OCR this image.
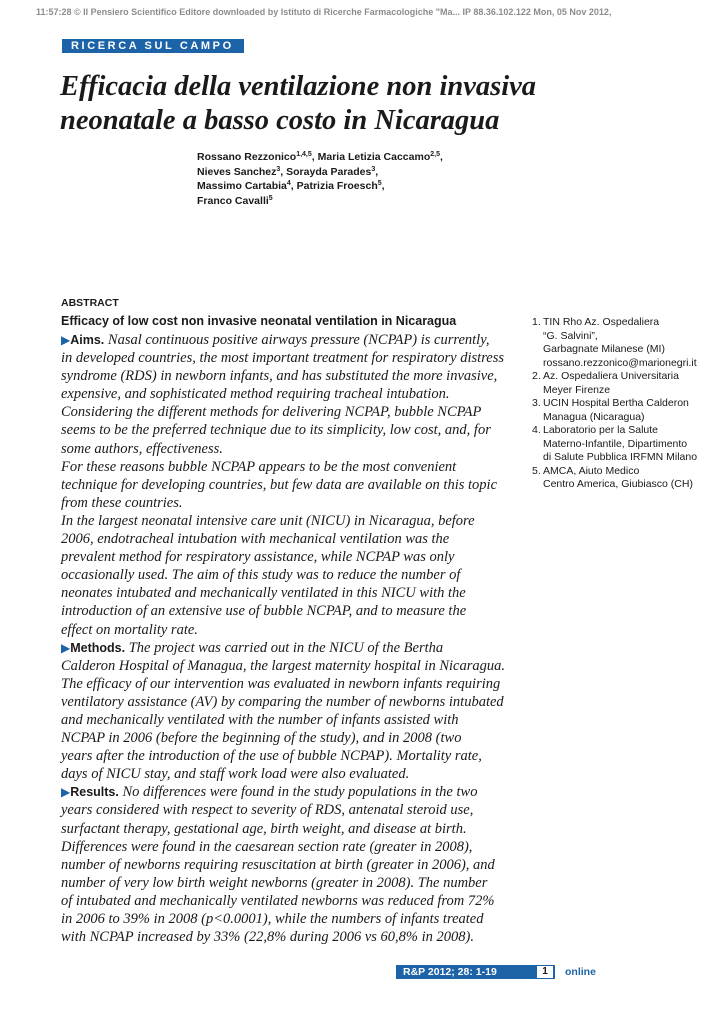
11:57:28 © Il Pensiero Scientifico Editore downloaded by Istituto di Ricerche Farmacologiche "Ma... IP 88.36.102.122 Mon, 05 Nov 2012,
RICERCA SUL CAMPO
Efficacia della ventilazione non invasiva
neonatale a basso costo in Nicaragua
Rossano Rezzonico$^{1,4,5}$, Maria Letizia Caccamo$^{2,5}$,
Nieves Sanchez$^3$, Sorayda Parades$^3$,
Massimo Cartabia$^4$, Patrizia Froesch$^5$,
Franco Cavalli$^5$
ABSTRACT
Efficacy of low cost non invasive neonatal ventilation in Nicaragua
▶Aims. Nasal continuous positive airways pressure (NCPAP) is currently,
in developed countries, the most important treatment for respiratory distress
syndrome (RDS) in newborn infants, and has substituted the more invasive,
expensive, and sophisticated method requiring tracheal intubation.
Considering the different methods for delivering NCPAP, bubble NCPAP
seems to be the preferred technique due to its simplicity, low cost, and, for
some authors, effectiveness.
For these reasons bubble NCPAP appears to be the most convenient
technique for developing countries, but few data are available on this topic
from these countries.
In the largest neonatal intensive care unit (NICU) in Nicaragua, before
2006, endotracheal intubation with mechanical ventilation was the
prevalent method for respiratory assistance, while NCPAP was only
occasionally used. The aim of this study was to reduce the number of
neonates intubated and mechanically ventilated in this NICU with the
introduction of an extensive use of bubble NCPAP, and to measure the
effect on mortality rate.
▶Methods. The project was carried out in the NICU of the Bertha
Calderon Hospital of Managua, the largest maternity hospital in Nicaragua.
The efficacy of our intervention was evaluated in newborn infants requiring
ventilatory assistance (AV) by comparing the number of newborns intubated
and mechanically ventilated with the number of infants assisted with
NCPAP in 2006 (before the beginning of the study), and in 2008 (two
years after the introduction of the use of bubble NCPAP). Mortality rate,
days of NICU stay, and staff work load were also evaluated.
▶Results. No differences were found in the study populations in the two
years considered with respect to severity of RDS, antenatal steroid use,
surfactant therapy, gestational age, birth weight, and disease at birth.
Differences were found in the caesarean section rate (greater in 2008),
number of newborns requiring resuscitation at birth (greater in 2006), and
number of very low birth weight newborns (greater in 2008). The number
of intubated and mechanically ventilated newborns was reduced from 72%
in 2006 to 39% in 2008 (p<0.0001), while the numbers of infants treated
with NCPAP increased by 33% (22,8% during 2006 vs 60,8% in 2008).
1. TIN Rho Az. Ospedaliera
“G. Salvini”,
Garbagnate Milanese (MI)
rossano.rezzonico@marionegri.it
2. Az. Ospedaliera Universitaria
Meyer Firenze
3. UCIN Hospital Bertha Calderon
Managua (Nicaragua)
4. Laboratorio per la Salute
Materno-Infantile, Dipartimento
di Salute Pubblica IRFMN Milano
5. AMCA, Aiuto Medico
Centro America, Giubiasco (CH)
R&P 2012; 28: 1-19	1	online
